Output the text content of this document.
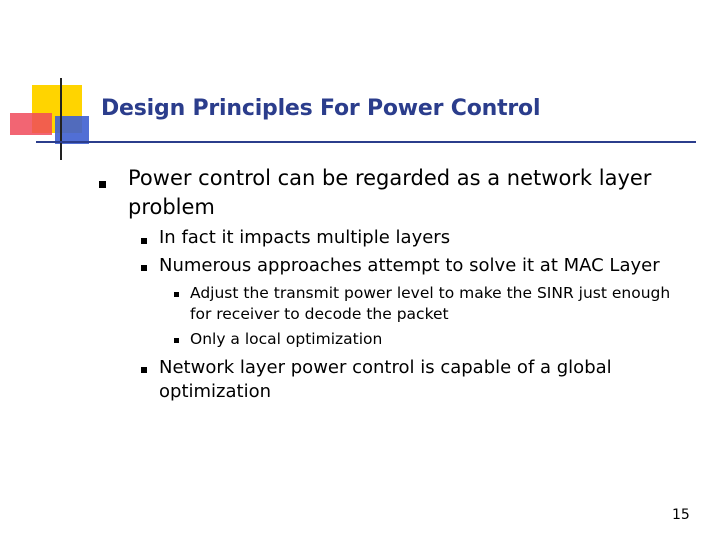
Design Principles For Power Control
Power control can be regarded as a network layer
problem
In fact it impacts multiple layers
Numerous approaches attempt to solve it at MAC Layer
Adjust the transmit power level to make the SINR just enough
for receiver to decode the packet
Only a local optimization
Network layer power control is capable of a global
optimization
15
